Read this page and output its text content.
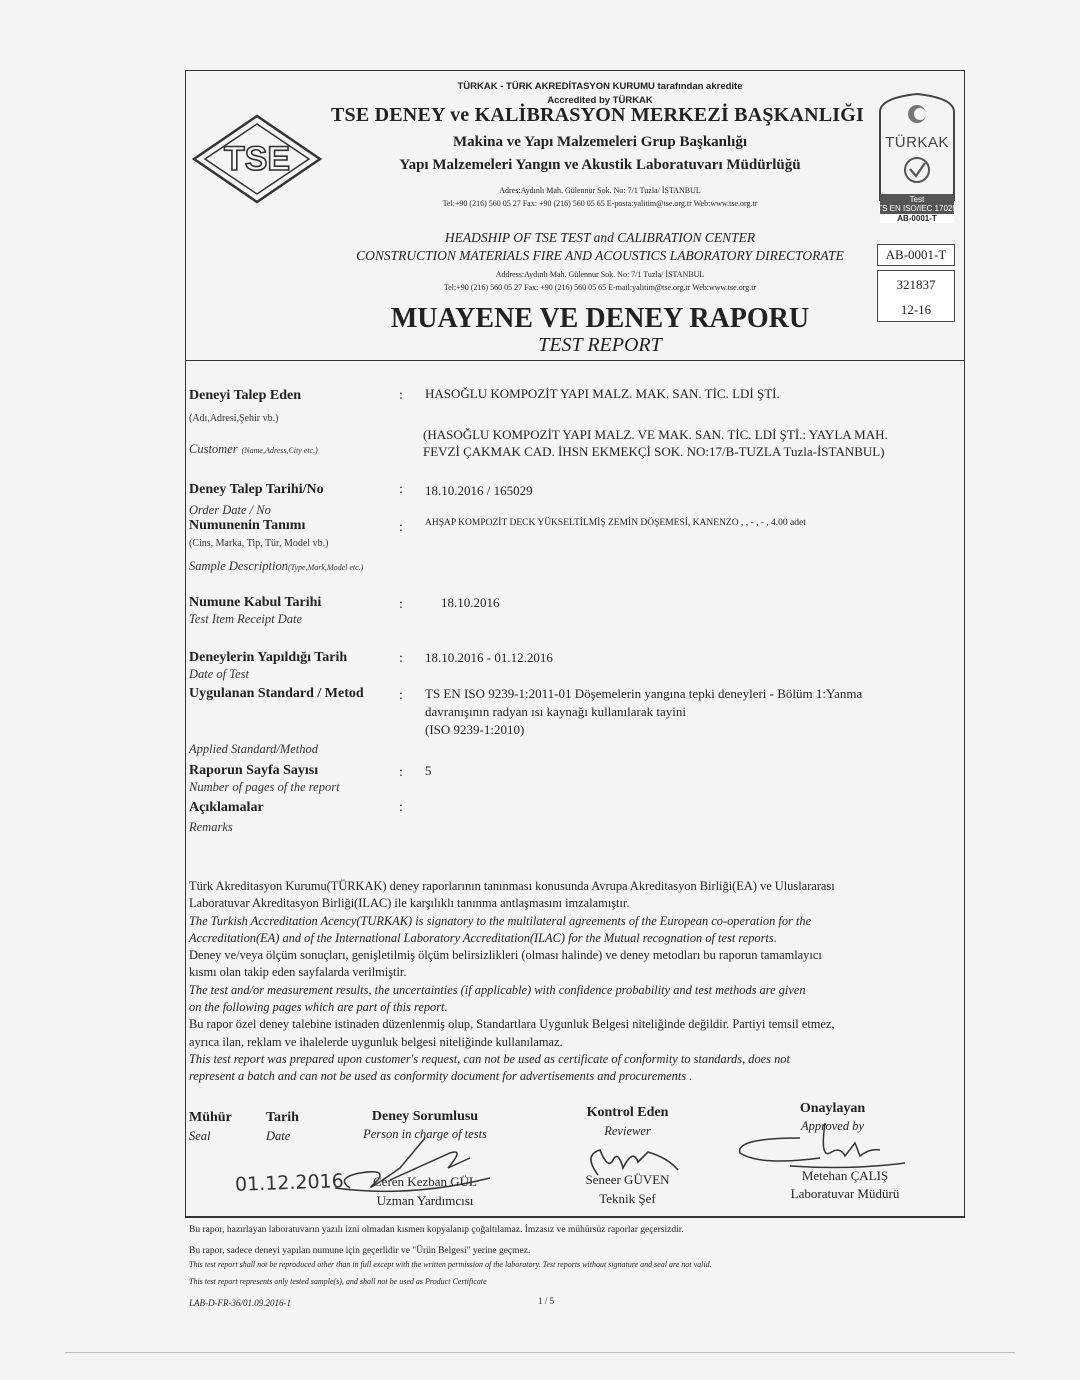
TSE
TÜRKAK - TÜRK AKREDİTASYON KURUMU tarafından akredite
Accredited by TÜRKAK
TSE DENEY ve KALİBRASYON MERKEZİ BAŞKANLIĞI
Makina ve Yapı Malzemeleri Grup Başkanlığı
Yapı Malzemeleri Yangın ve Akustik Laboratuvarı Müdürlüğü
Adres:Aydınlı Mah. Gülennur Sok. No: 7/1 Tuzla/ İSTANBUL
Tel:+90 (216) 560 05 27 Fax: +90 (216) 560 05 65 E-posta:yalitim@tse.org.tr Web:www.tse.org.tr
HEADSHIP OF TSE TEST and CALIBRATION CENTER
CONSTRUCTION MATERIALS FIRE AND ACOUSTICS LABORATORY DIRECTORATE
Address:Aydınlı Mah. Gülennur Sok. No: 7/1 Tuzla/ İSTANBUL
Tel:+90 (216) 560 05 27 Fax: +90 (216) 560 05 65 E-mail:yalitim@tse.org.tr Web:www.tse.org.tr
MUAYENE VE DENEY RAPORU
TEST REPORT
TÜRKAK
Test
TS EN ISO/IEC 17025
AB-0001-T
AB-0001-T
321837
12-16
Deneyi Talep Eden	: HASOĞLU KOMPOZİT YAPI MALZ. MAK. SAN. TİC. LDİ ŞTİ.
(Adı,Adresi,Şehir vb.)
Customer (Name,Adress,City etc.)
(HASOĞLU KOMPOZİT YAPI MALZ. VE MAK. SAN. TİC. LDİ ŞTİ.: YAYLA MAH.
FEVZİ ÇAKMAK CAD. İHSN EKMEKÇİ SOK. NO:17/B-TUZLA Tuzla-İSTANBUL)
Deney Talep Tarihi/No	: 18.10.2016 / 165029
Order Date / No
Numunenin Tanımı	: AHŞAP KOMPOZİT DECK YÜKSELTİLMİŞ ZEMİN DÖŞEMESİ, KANENZO , , - , - , 4.00 adet
(Cins, Marka, Tip, Tür, Model vb.)
Sample Description(Type,Mark,Model etc.)
Numune Kabul Tarihi	:	18.10.2016
Test Item Receipt Date
Deneylerin Yapıldığı Tarih	: 18.10.2016 - 01.12.2016
Date of Test
Uygulanan Standard / Metod	: TS EN ISO 9239-1:2011-01 Döşemelerin yangına tepki deneyleri - Bölüm 1:Yanma
davranışının radyan ısı kaynağı kullanılarak tayini
(ISO 9239-1:2010)
Applied Standard/Method
Raporun Sayfa Sayısı	: 5
Number of pages of the report
Açıklamalar	:
Remarks
Türk Akreditasyon Kurumu(TÜRKAK) deney raporlarının tanınması konusunda Avrupa Akreditasyon Birliği(EA) ve Uluslararası
Laboratuvar Akreditasyon Birliği(ILAC) ile karşılıklı tanınma antlaşmasını imzalamıştır.
The Turkish Accreditation Acency(TURKAK) is signatory to the multilateral agreements of the European co-operation for the
Accreditation(EA) and of the International Laboratory Accreditation(ILAC) for the Mutual recognation of test reports.
Deney ve/veya ölçüm sonuçları, genişletilmiş ölçüm belirsizlikleri (olması halinde) ve deney metodları bu raporun tamamlayıcı
kısmı olan takip eden sayfalarda verilmiştir.
The test and/or measurement results, the uncertainties (if applicable) with confidence probability and test methods are given
on the following pages which are part of this report.
Bu rapor özel deney talebine istinaden düzenlenmiş olup, Standartlara Uygunluk Belgesi niteliğinde değildir. Partiyi temsil etmez,
ayrıca ilan, reklam ve ihalelerde uygunluk belgesi niteliğinde kullanılamaz.
This test report was prepared upon customer's request, can not be used as certificate of conformity to standards, does not
represent a batch and can not be used as conformity document for advertisements and procurements .
Mühür
Seal
Tarih
Date
01.12.2016
Deney Sorumlusu
Person in charge of tests
Ceren Kezban GÜL
Uzman Yardımcısı
Kontrol Eden
Reviewer
Seneer GÜVEN
Teknik Şef
Onaylayan
Approved by
Metehan ÇALIŞ
Laboratuvar Müdürü
Bu rapor, hazırlayan laboratuvarın yazılı izni olmadan kısmen kopyalanıp çoğaltılamaz. İmzasız ve mühürsüz raporlar geçersizdir.
Bu rapor, sadece deneyi yapılan numune için geçerlidir ve "Ürün Belgesi" yerine geçmez.
This test report shall not be reproduced other than in full except with the written permission of the laboratory. Test reports without signature and seal are not valid.
This test report represents only tested sample(s), and shall not be used as Product Certificate
LAB-D-FR-36/01.09.2016-1	1 / 5
